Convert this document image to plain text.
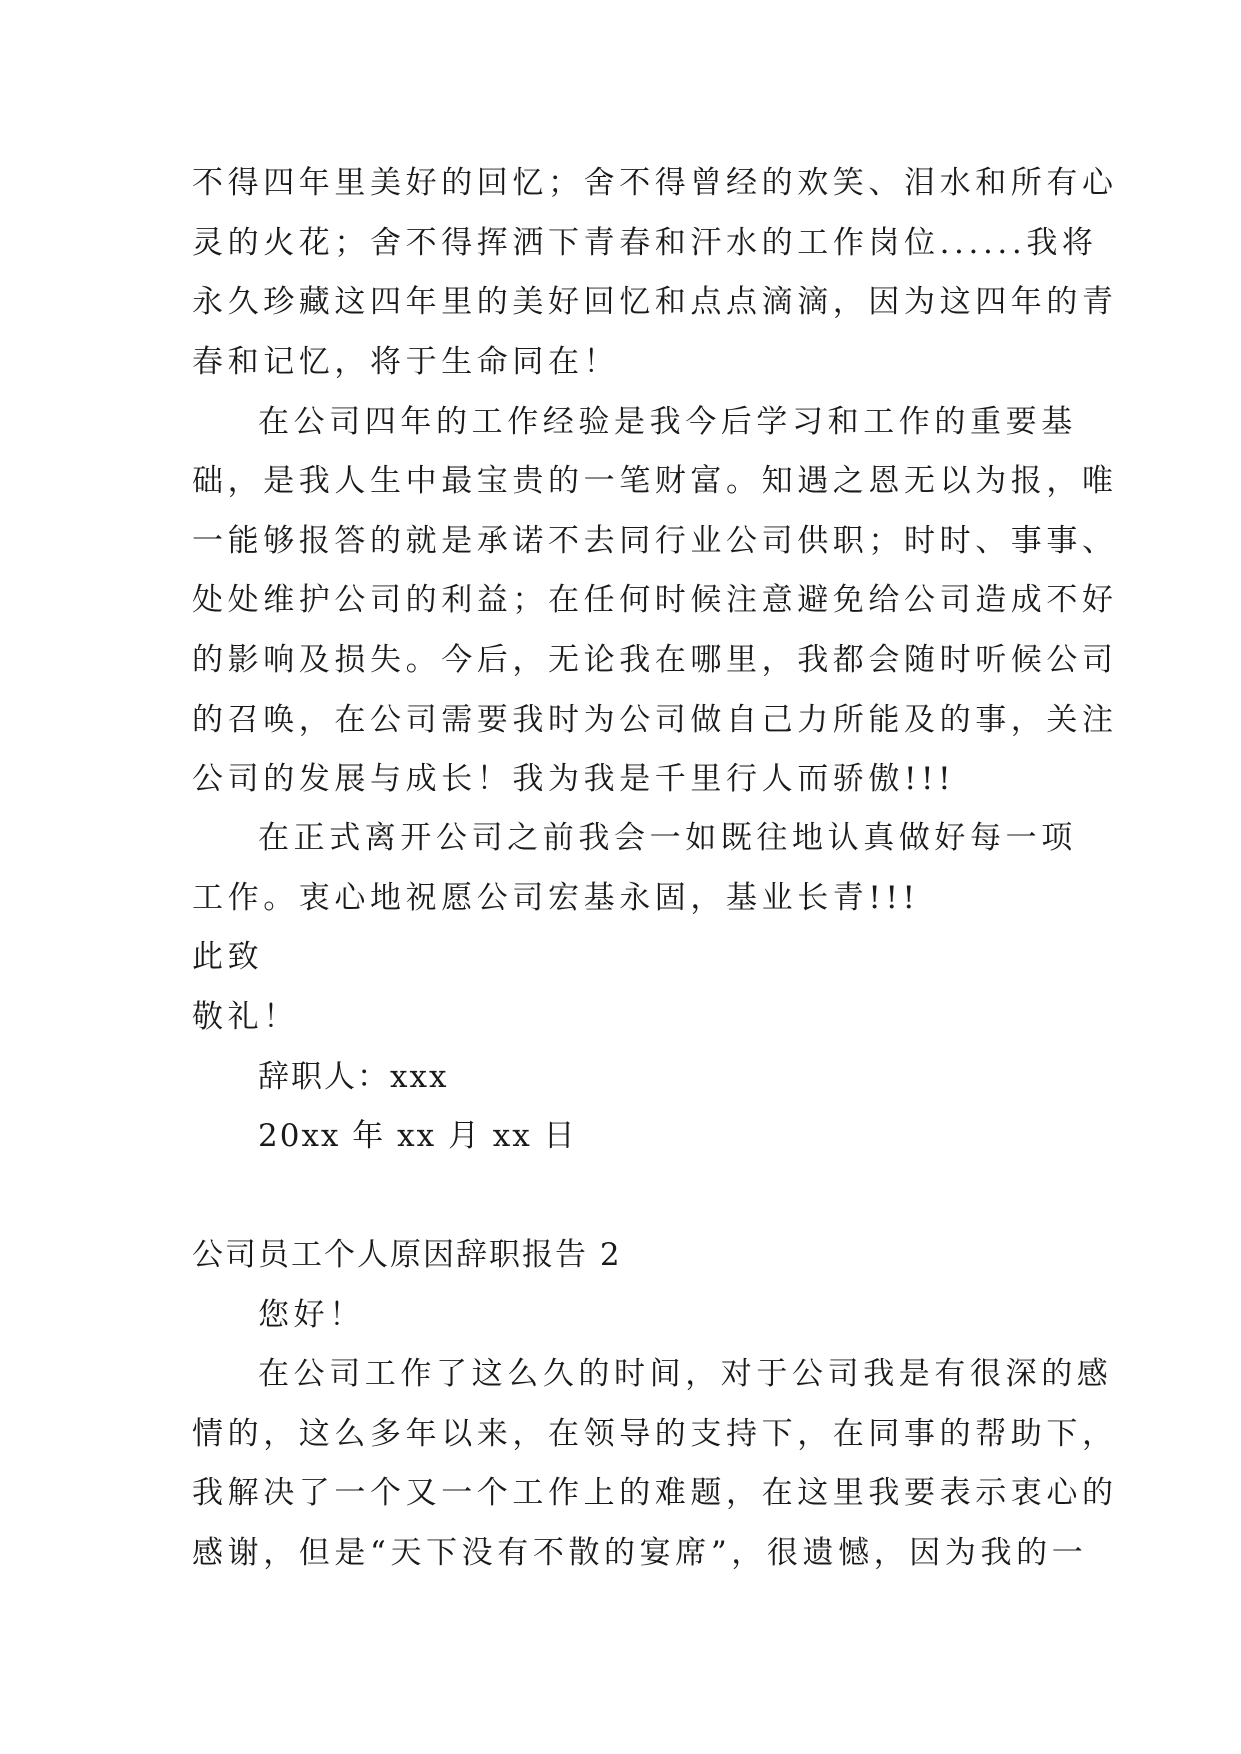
不得四年里美好的回忆；舍不得曾经的欢笑、泪水和所有心
灵的火花；舍不得挥洒下青春和汗水的工作岗位......我将
永久珍藏这四年里的美好回忆和点点滴滴，因为这四年的青
春和记忆，将于生命同在！
在公司四年的工作经验是我今后学习和工作的重要基
础，是我人生中最宝贵的一笔财富。知遇之恩无以为报，唯
一能够报答的就是承诺不去同行业公司供职；时时、事事、
处处维护公司的利益；在任何时候注意避免给公司造成不好
的影响及损失。今后，无论我在哪里，我都会随时听候公司
的召唤，在公司需要我时为公司做自己力所能及的事，关注
公司的发展与成长！我为我是千里行人而骄傲!!!
在正式离开公司之前我会一如既往地认真做好每一项
工作。衷心地祝愿公司宏基永固，基业长青!!!
此致
敬礼！
辞职人：xxx
20xx 年 xx 月 xx 日
公司员工个人原因辞职报告 2
您好！
在公司工作了这么久的时间，对于公司我是有很深的感
情的，这么多年以来，在领导的支持下，在同事的帮助下，
我解决了一个又一个工作上的难题，在这里我要表示衷心的
感谢，但是“天下没有不散的宴席”，很遗憾，因为我的一
